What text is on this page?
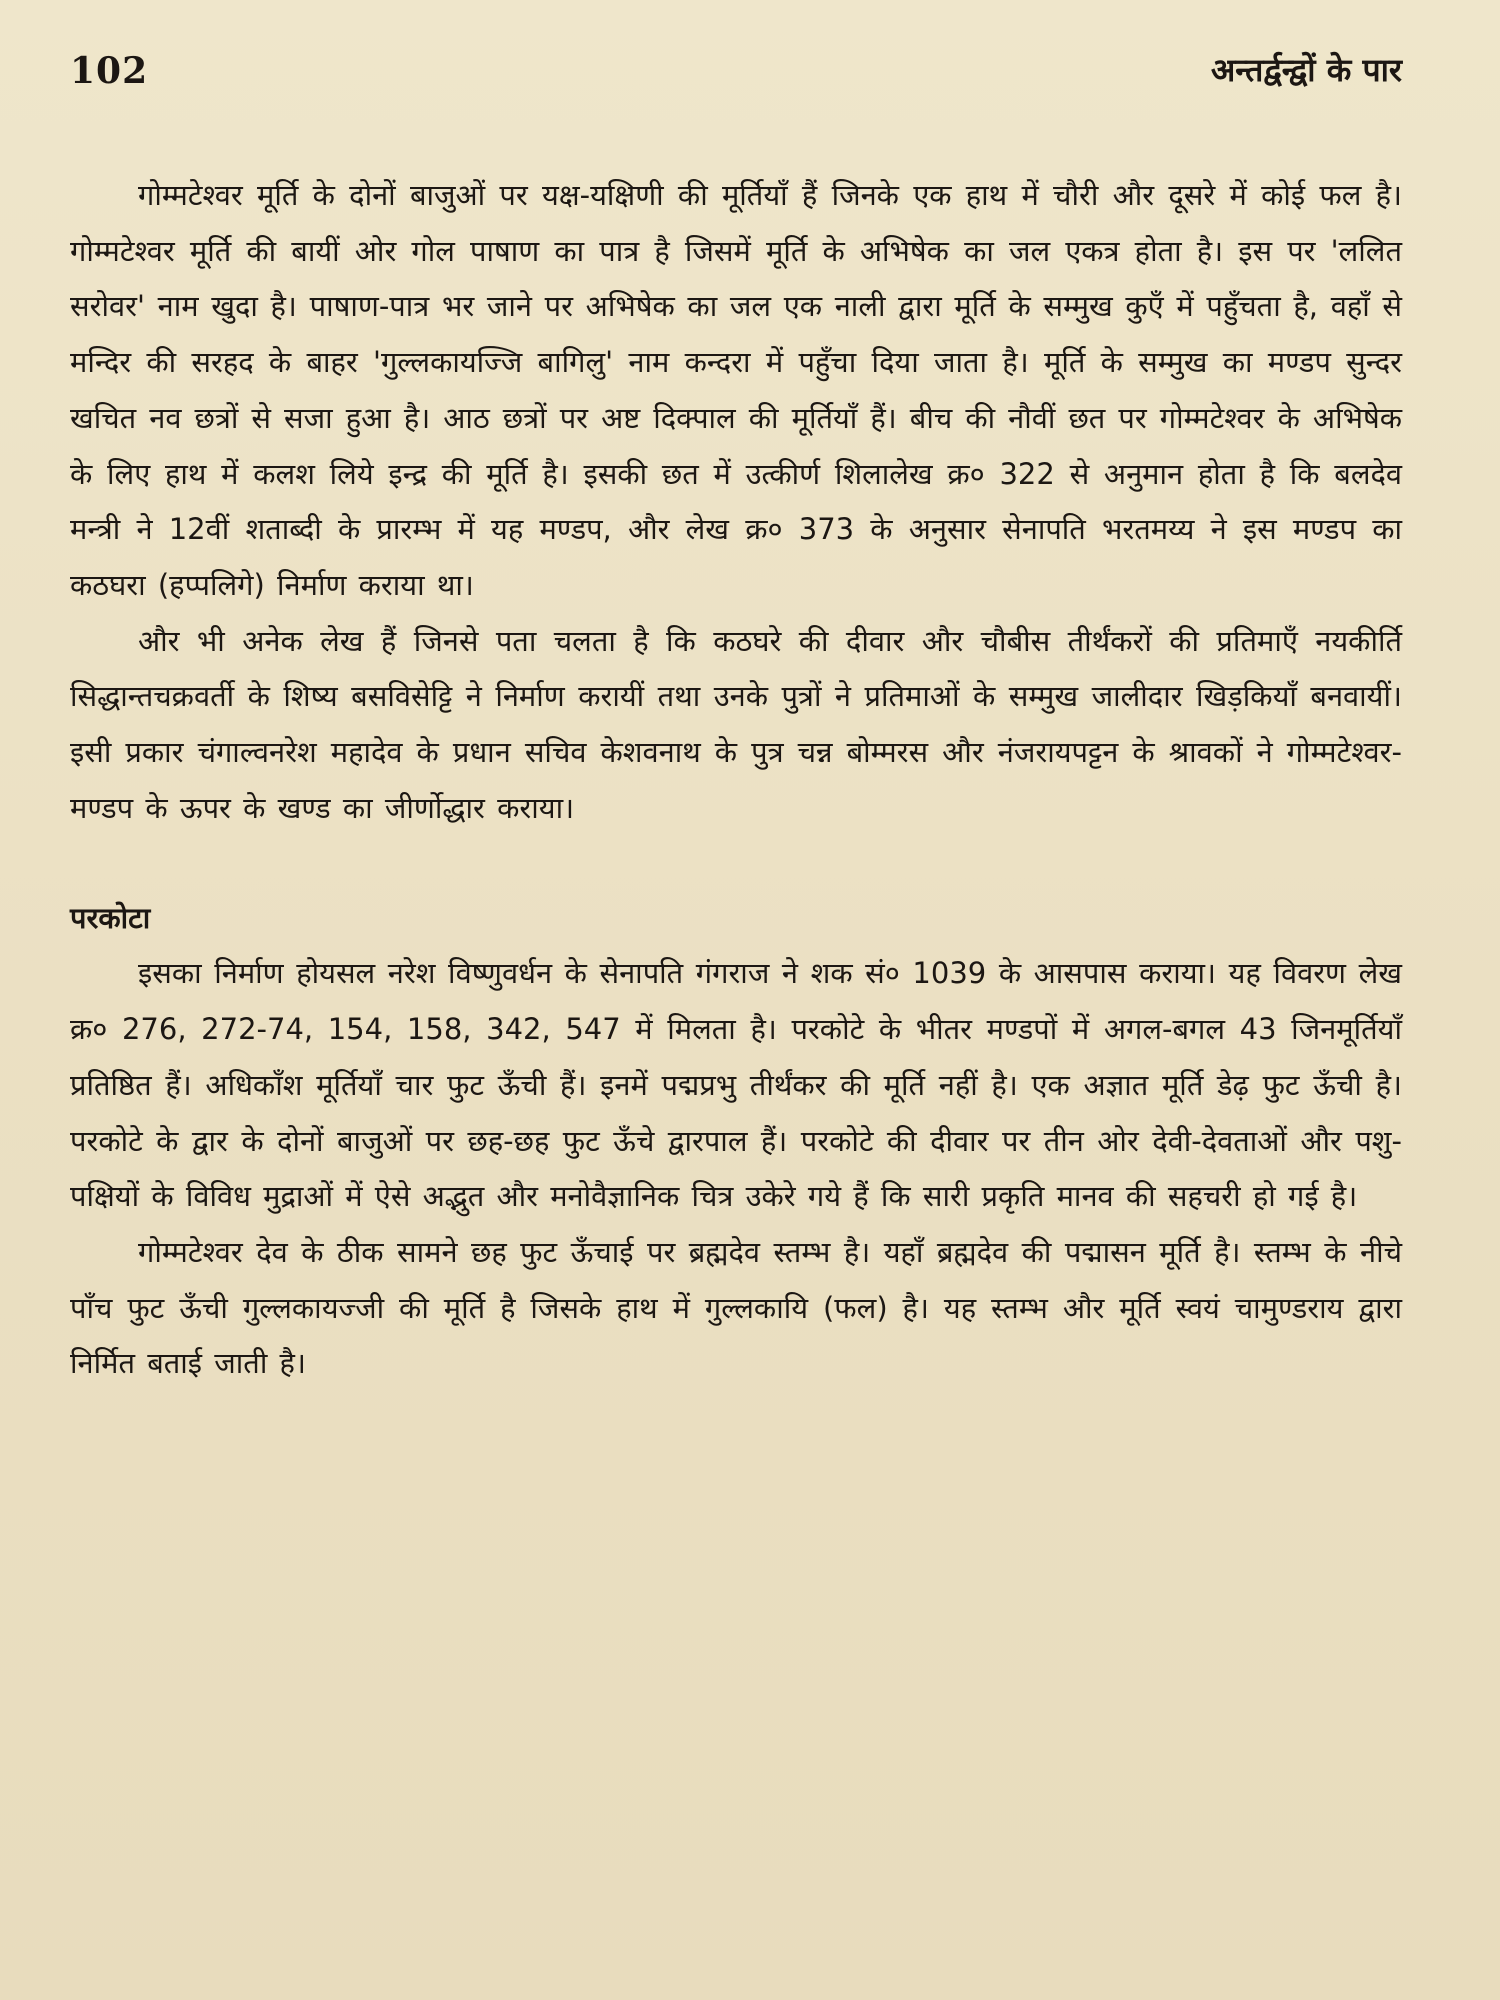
102	अन्तर्द्वन्द्वों के पार

गोम्मटेश्वर मूर्ति के दोनों बाजुओं पर यक्ष-यक्षिणी की मूर्तियाँ हैं जिनके एक हाथ में चौरी और दूसरे में कोई फल है। गोम्मटेश्वर मूर्ति की बायीं ओर गोल पाषाण का पात्र है जिसमें मूर्ति के अभिषेक का जल एकत्र होता है। इस पर 'ललित सरोवर' नाम खुदा है। पाषाण-पात्र भर जाने पर अभिषेक का जल एक नाली द्वारा मूर्ति के सम्मुख कुएँ में पहुँचता है, वहाँ से मन्दिर की सरहद के बाहर 'गुल्लकायज्जि बागिलु' नाम कन्दरा में पहुँचा दिया जाता है। मूर्ति के सम्मुख का मण्डप सुन्दर खचित नव छत्रों से सजा हुआ है। आठ छत्रों पर अष्ट दिक्पाल की मूर्तियाँ हैं। बीच की नौवीं छत पर गोम्मटेश्वर के अभिषेक के लिए हाथ में कलश लिये इन्द्र की मूर्ति है। इसकी छत में उत्कीर्ण शिलालेख क्र० 322 से अनुमान होता है कि बलदेव मन्त्री ने 12वीं शताब्दी के प्रारम्भ में यह मण्डप, और लेख क्र० 373 के अनुसार सेनापति भरतमय्य ने इस मण्डप का कठघरा (हप्पलिगे) निर्माण कराया था।

और भी अनेक लेख हैं जिनसे पता चलता है कि कठघरे की दीवार और चौबीस तीर्थंकरों की प्रतिमाएँ नयकीर्ति सिद्धान्तचक्रवर्ती के शिष्य बसविसेट्टि ने निर्माण करायीं तथा उनके पुत्रों ने प्रतिमाओं के सम्मुख जालीदार खिड़कियाँ बनवायीं। इसी प्रकार चंगाल्वनरेश महादेव के प्रधान सचिव केशवनाथ के पुत्र चन्न बोम्मरस और नंजरायपट्टन के श्रावकों ने गोम्मटेश्वर-मण्डप के ऊपर के खण्ड का जीर्णोद्धार कराया।

परकोटा

इसका निर्माण होयसल नरेश विष्णुवर्धन के सेनापति गंगराज ने शक सं० 1039 के आसपास कराया। यह विवरण लेख क्र० 276, 272-74, 154, 158, 342, 547 में मिलता है। परकोटे के भीतर मण्डपों में अगल-बगल 43 जिनमूर्तियाँ प्रतिष्ठित हैं। अधिकाँश मूर्तियाँ चार फुट ऊँची हैं। इनमें पद्मप्रभु तीर्थंकर की मूर्ति नहीं है। एक अज्ञात मूर्ति डेढ़ फुट ऊँची है। परकोटे के द्वार के दोनों बाजुओं पर छह-छह फुट ऊँचे द्वारपाल हैं। परकोटे की दीवार पर तीन ओर देवी-देवताओं और पशु-पक्षियों के विविध मुद्राओं में ऐसे अद्भुत और मनोवैज्ञानिक चित्र उकेरे गये हैं कि सारी प्रकृति मानव की सहचरी हो गई है।

गोम्मटेश्वर देव के ठीक सामने छह फुट ऊँचाई पर ब्रह्मदेव स्तम्भ है। यहाँ ब्रह्मदेव की पद्मासन मूर्ति है। स्तम्भ के नीचे पाँच फुट ऊँची गुल्लकायज्जी की मूर्ति है जिसके हाथ में गुल्लकायि (फल) है। यह स्तम्भ और मूर्ति स्वयं चामुण्डराय द्वारा निर्मित बताई जाती है।
